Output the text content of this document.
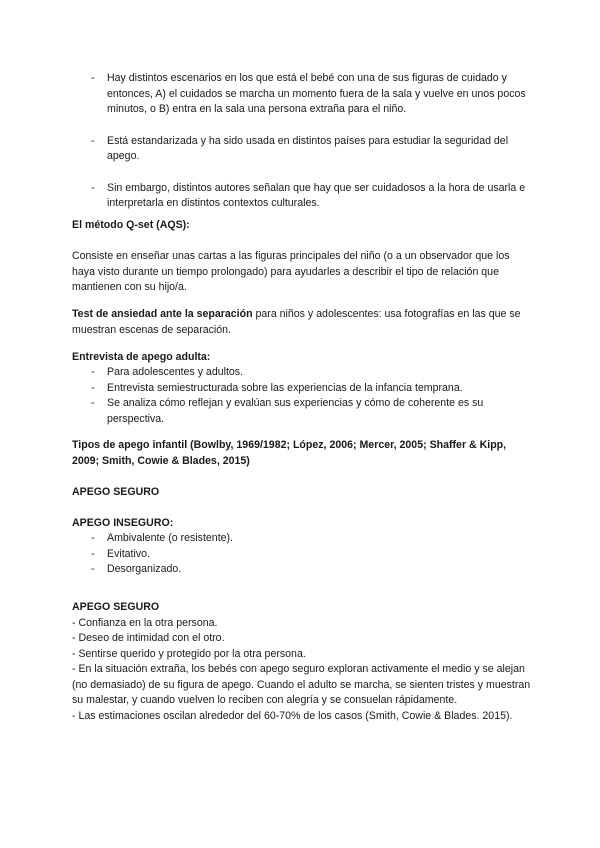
- Hay distintos escenarios en los que está el bebé con una de sus figuras de cuidado y entonces, A) el cuidados se marcha un momento fuera de la sala y vuelve en unos pocos minutos, o B) entra en la sala una persona extraña para el niño.
- Está estandarizada y ha sido usada en distintos países para estudiar la seguridad del apego.
- Sin embargo, distintos autores señalan que hay que ser cuidadosos a la hora de usarla e interpretarla en distintos contextos culturales.

El método Q-set (AQS):

Consiste en enseñar unas cartas a las figuras principales del niño (o a un observador que los haya visto durante un tiempo prolongado) para ayudarles a describir el tipo de relación que mantienen con su hijo/a.

Test de ansiedad ante la separación para niños y adolescentes: usa fotografías en las que se muestran escenas de separación.

Entrevista de apego adulta:

- Para adolescentes y adultos.
- Entrevista semiestructurada sobre las experiencias de la infancia temprana.
- Se analiza cómo reflejan y evalúan sus experiencias y cómo de coherente es su perspectiva.

Tipos de apego infantil (Bowlby, 1969/1982; López, 2006; Mercer, 2005; Shaffer & Kipp, 2009; Smith, Cowie & Blades, 2015)

APEGO SEGURO

APEGO INSEGURO:

- Ambivalente (o resistente).
- Evitativo.
- Desorganizado.

APEGO SEGURO

- Confianza en la otra persona.

- Deseo de intimidad con el otro.

- Sentirse querido y protegido por la otra persona.

- En la situación extraña, los bebés con apego seguro exploran activamente el medio y se alejan (no demasiado) de su figura de apego. Cuando el adulto se marcha, se sienten tristes y muestran su malestar, y cuando vuelven lo reciben con alegría y se consuelan rápidamente.

- Las estimaciones oscilan alrededor del 60-70% de los casos (Smith, Cowie & Blades. 2015).
